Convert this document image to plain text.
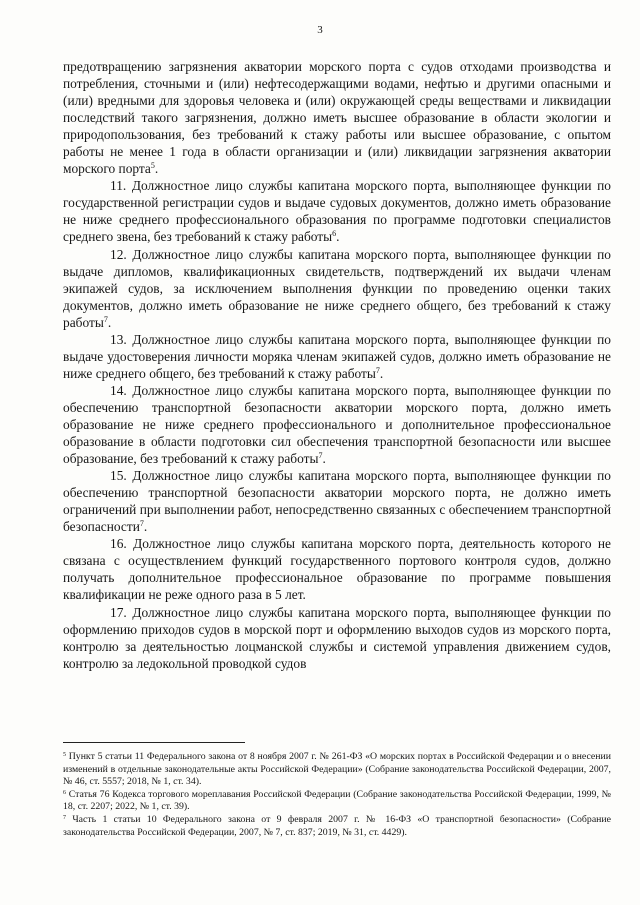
3

предотвращению загрязнения акватории морского порта с судов отходами производства и потребления, сточными и (или) нефтесодержащими водами, нефтью и другими опасными и (или) вредными для здоровья человека и (или) окружающей среды веществами и ликвидации последствий такого загрязнения, должно иметь высшее образование в области экологии и природопользования, без требований к стажу работы или высшее образование, с опытом работы не менее 1 года в области организации и (или) ликвидации загрязнения акватории морского порта$^5$.

11. Должностное лицо службы капитана морского порта, выполняющее функции по государственной регистрации судов и выдаче судовых документов, должно иметь образование не ниже среднего профессионального образования по программе подготовки специалистов среднего звена, без требований к стажу работы$^6$.

12. Должностное лицо службы капитана морского порта, выполняющее функции по выдаче дипломов, квалификационных свидетельств, подтверждений их выдачи членам экипажей судов, за исключением выполнения функции по проведению оценки таких документов, должно иметь образование не ниже среднего общего, без требований к стажу работы$^7$.

13. Должностное лицо службы капитана морского порта, выполняющее функции по выдаче удостоверения личности моряка членам экипажей судов, должно иметь образование не ниже среднего общего, без требований к стажу работы$^7$.

14. Должностное лицо службы капитана морского порта, выполняющее функции по обеспечению транспортной безопасности акватории морского порта, должно иметь образование не ниже среднего профессионального и дополнительное профессиональное образование в области подготовки сил обеспечения транспортной безопасности или высшее образование, без требований к стажу работы$^7$.

15. Должностное лицо службы капитана морского порта, выполняющее функции по обеспечению транспортной безопасности акватории морского порта, не должно иметь ограничений при выполнении работ, непосредственно связанных с обеспечением транспортной безопасности$^7$.

16. Должностное лицо службы капитана морского порта, деятельность которого не связана с осуществлением функций государственного портового контроля судов, должно получать дополнительное профессиональное образование по программе повышения квалификации не реже одного раза в 5 лет.

17. Должностное лицо службы капитана морского порта, выполняющее функции по оформлению приходов судов в морской порт и оформлению выходов судов из морского порта, контролю за деятельностью лоцманской службы и системой управления движением судов, контролю за ледокольной проводкой судов

$^5$ Пункт 5 статьи 11 Федерального закона от 8 ноября 2007 г. № 261-ФЗ «О морских портах в Российской Федерации и о внесении изменений в отдельные законодательные акты Российской Федерации» (Собрание законодательства Российской Федерации, 2007, № 46, ст. 5557; 2018, № 1, ст. 34).

$^6$ Статья 76 Кодекса торгового мореплавания Российской Федерации (Собрание законодательства Российской Федерации, 1999, № 18, ст. 2207; 2022, № 1, ст. 39).

$^7$ Часть 1 статьи 10 Федерального закона от 9 февраля 2007 г. № 16-ФЗ «О транспортной безопасности» (Собрание законодательства Российской Федерации, 2007, № 7, ст. 837; 2019, № 31, ст. 4429).
